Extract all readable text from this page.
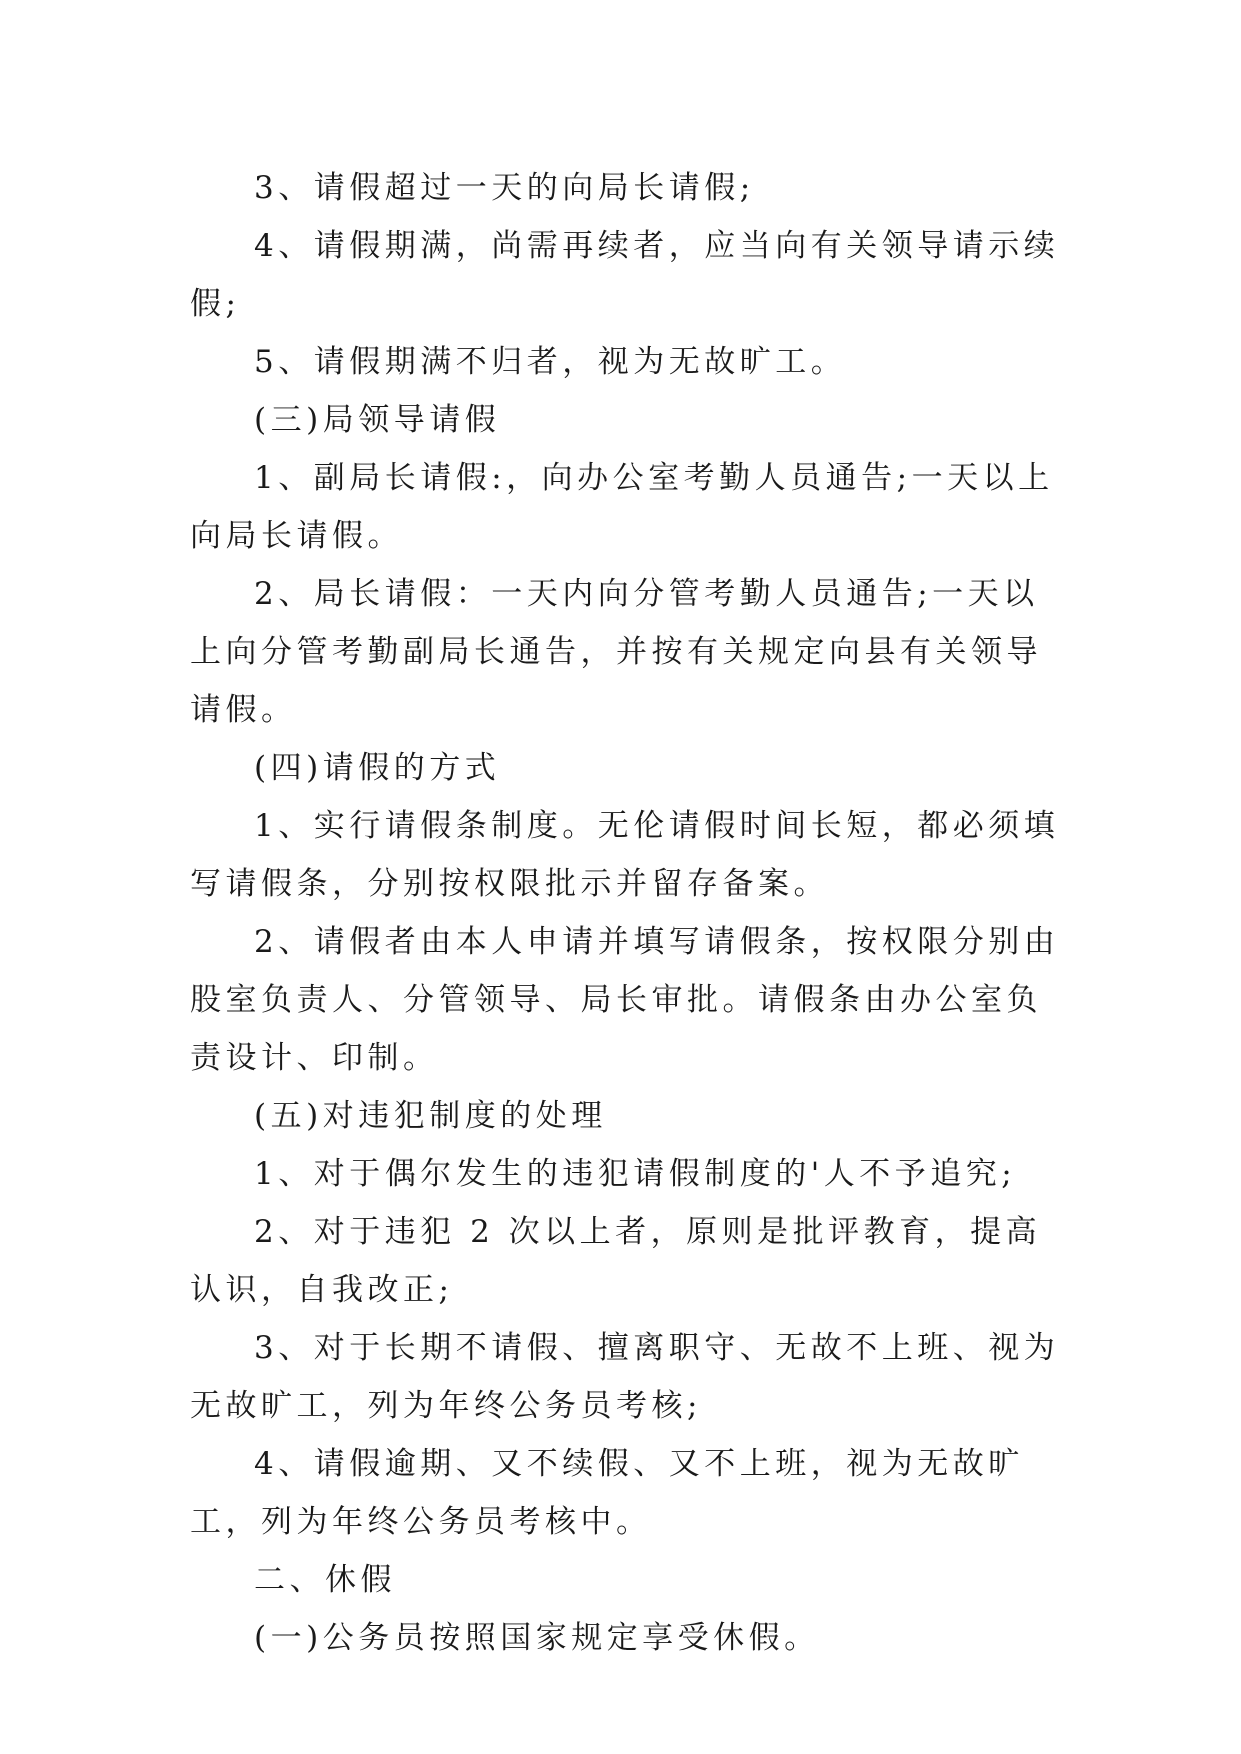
3、请假超过一天的向局长请假;

4、请假期满，尚需再续者，应当向有关领导请示续假;

5、请假期满不归者，视为无故旷工。

(三)局领导请假

1、副局长请假:，向办公室考勤人员通告;一天以上向局长请假。

2、局长请假：一天内向分管考勤人员通告;一天以上向分管考勤副局长通告，并按有关规定向县有关领导请假。

(四)请假的方式

1、实行请假条制度。无伦请假时间长短，都必须填写请假条，分别按权限批示并留存备案。

2、请假者由本人申请并填写请假条，按权限分别由股室负责人、分管领导、局长审批。请假条由办公室负责设计、印制。

(五)对违犯制度的处理

1、对于偶尔发生的违犯请假制度的'人不予追究;

2、对于违犯 2 次以上者，原则是批评教育，提高认识，自我改正;

3、对于长期不请假、擅离职守、无故不上班、视为无故旷工，列为年终公务员考核;

4、请假逾期、又不续假、又不上班，视为无故旷工，列为年终公务员考核中。

二、休假

(一)公务员按照国家规定享受休假。
